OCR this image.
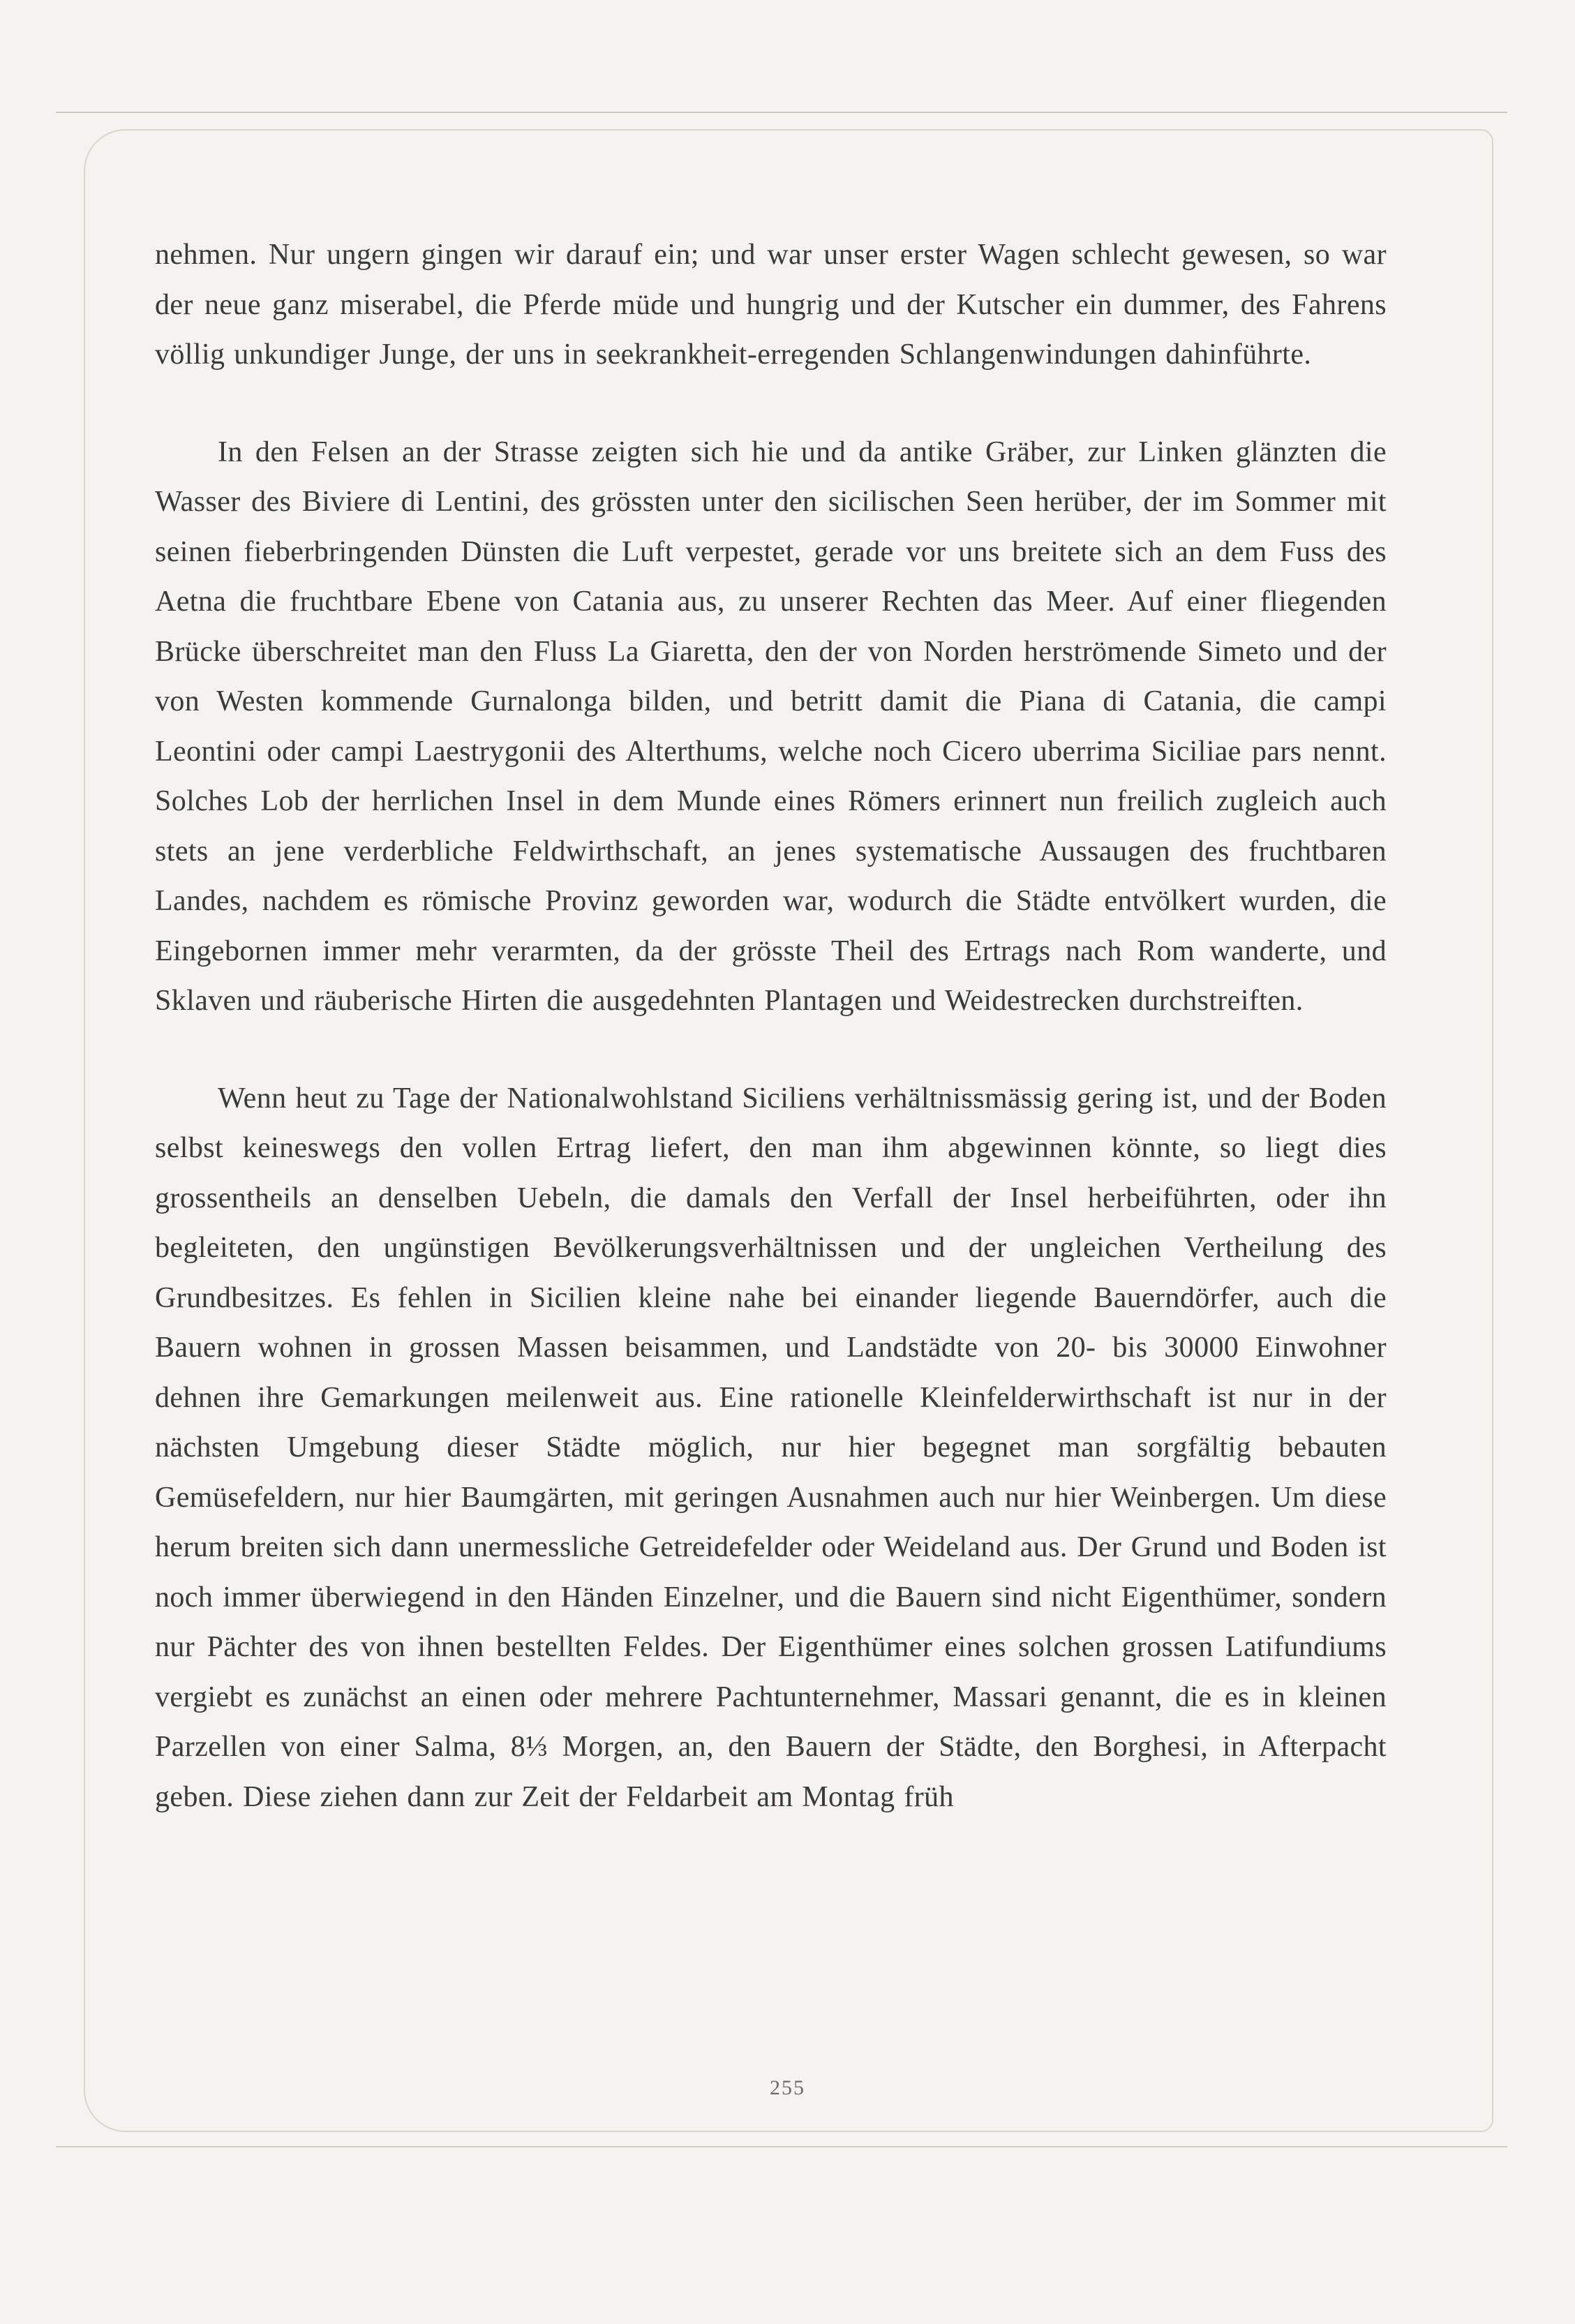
nehmen. Nur ungern gingen wir darauf ein; und war unser erster Wagen schlecht gewesen, so war der neue ganz miserabel, die Pferde müde und hungrig und der Kutscher ein dummer, des Fahrens völlig unkundiger Junge, der uns in seekrankheit-erregenden Schlangenwindungen dahinführte.

In den Felsen an der Strasse zeigten sich hie und da antike Gräber, zur Linken glänzten die Wasser des Biviere di Lentini, des grössten unter den sicilischen Seen herüber, der im Sommer mit seinen fieberbringenden Dünsten die Luft verpestet, gerade vor uns breitete sich an dem Fuss des Aetna die fruchtbare Ebene von Catania aus, zu unserer Rechten das Meer. Auf einer fliegenden Brücke überschreitet man den Fluss La Giaretta, den der von Norden herströmende Simeto und der von Westen kommende Gurnalonga bilden, und betritt damit die Piana di Catania, die campi Leontini oder campi Laestrygonii des Alterthums, welche noch Cicero uberrima Siciliae pars nennt. Solches Lob der herrlichen Insel in dem Munde eines Römers erinnert nun freilich zugleich auch stets an jene verderbliche Feldwirthschaft, an jenes systematische Aussaugen des fruchtbaren Landes, nachdem es römische Provinz geworden war, wodurch die Städte entvölkert wurden, die Eingebornen immer mehr verarmten, da der grösste Theil des Ertrags nach Rom wanderte, und Sklaven und räuberische Hirten die ausgedehnten Plantagen und Weidestrecken durchstreiften.

Wenn heut zu Tage der Nationalwohlstand Siciliens verhältnissmässig gering ist, und der Boden selbst keineswegs den vollen Ertrag liefert, den man ihm abgewinnen könnte, so liegt dies grossentheils an denselben Uebeln, die damals den Verfall der Insel herbeiführten, oder ihn begleiteten, den ungünstigen Bevölkerungsverhältnissen und der ungleichen Vertheilung des Grundbesitzes. Es fehlen in Sicilien kleine nahe bei einander liegende Bauerndörfer, auch die Bauern wohnen in grossen Massen beisammen, und Landstädte von 20- bis 30000 Einwohner dehnen ihre Gemarkungen meilenweit aus. Eine rationelle Kleinfelderwirthschaft ist nur in der nächsten Umgebung dieser Städte möglich, nur hier begegnet man sorgfältig bebauten Gemüsefeldern, nur hier Baumgärten, mit geringen Ausnahmen auch nur hier Weinbergen. Um diese herum breiten sich dann unermessliche Getreidefelder oder Weideland aus. Der Grund und Boden ist noch immer überwiegend in den Händen Einzelner, und die Bauern sind nicht Eigenthümer, sondern nur Pächter des von ihnen bestellten Feldes. Der Eigenthümer eines solchen grossen Latifundiums vergiebt es zunächst an einen oder mehrere Pachtunternehmer, Massari genannt, die es in kleinen Parzellen von einer Salma, 8⅓ Morgen, an, den Bauern der Städte, den Borghesi, in Afterpacht geben. Diese ziehen dann zur Zeit der Feldarbeit am Montag früh

255
